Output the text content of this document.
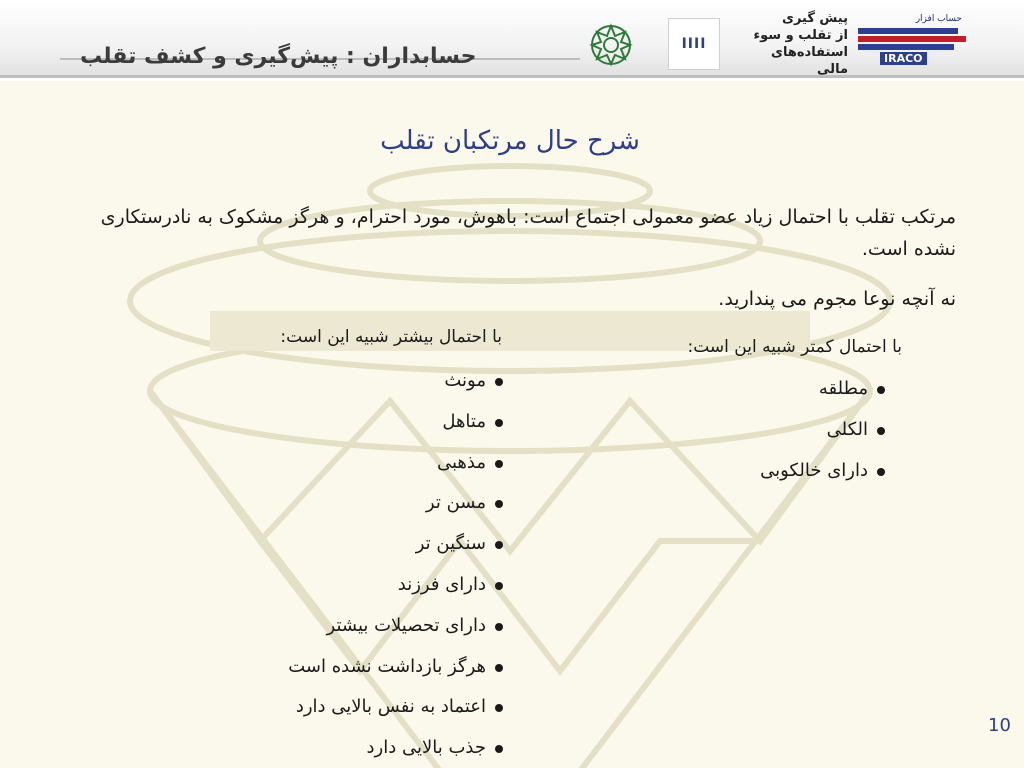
حسابداران : پیش‌گیری و کشف تقلب	IIII
پیش گیری
از تقلب و سوء
استفاده‌های مالی
حساب افزار
IRACO
شرح حال مرتکبان تقلب
مرتکب تقلب با احتمال زیاد عضو معمولی اجتماع است: باهوش، مورد احترام، و هرگز مشکوک به نادرستکاری نشده است.
نه آنچه نوعا مجوم می پندارید.
با احتمال بیشتر شبیه این است:
مونث
متاهل
مذهبی
مسن تر
سنگین تر
دارای فرزند
دارای تحصیلات بیشتر
هرگز بازداشت نشده است
اعتماد به نفس بالایی دارد
جذب بالایی دارد
با احتمال کمتر شبیه این است:
مطلقه
الکلی
دارای خالکوبی
10
